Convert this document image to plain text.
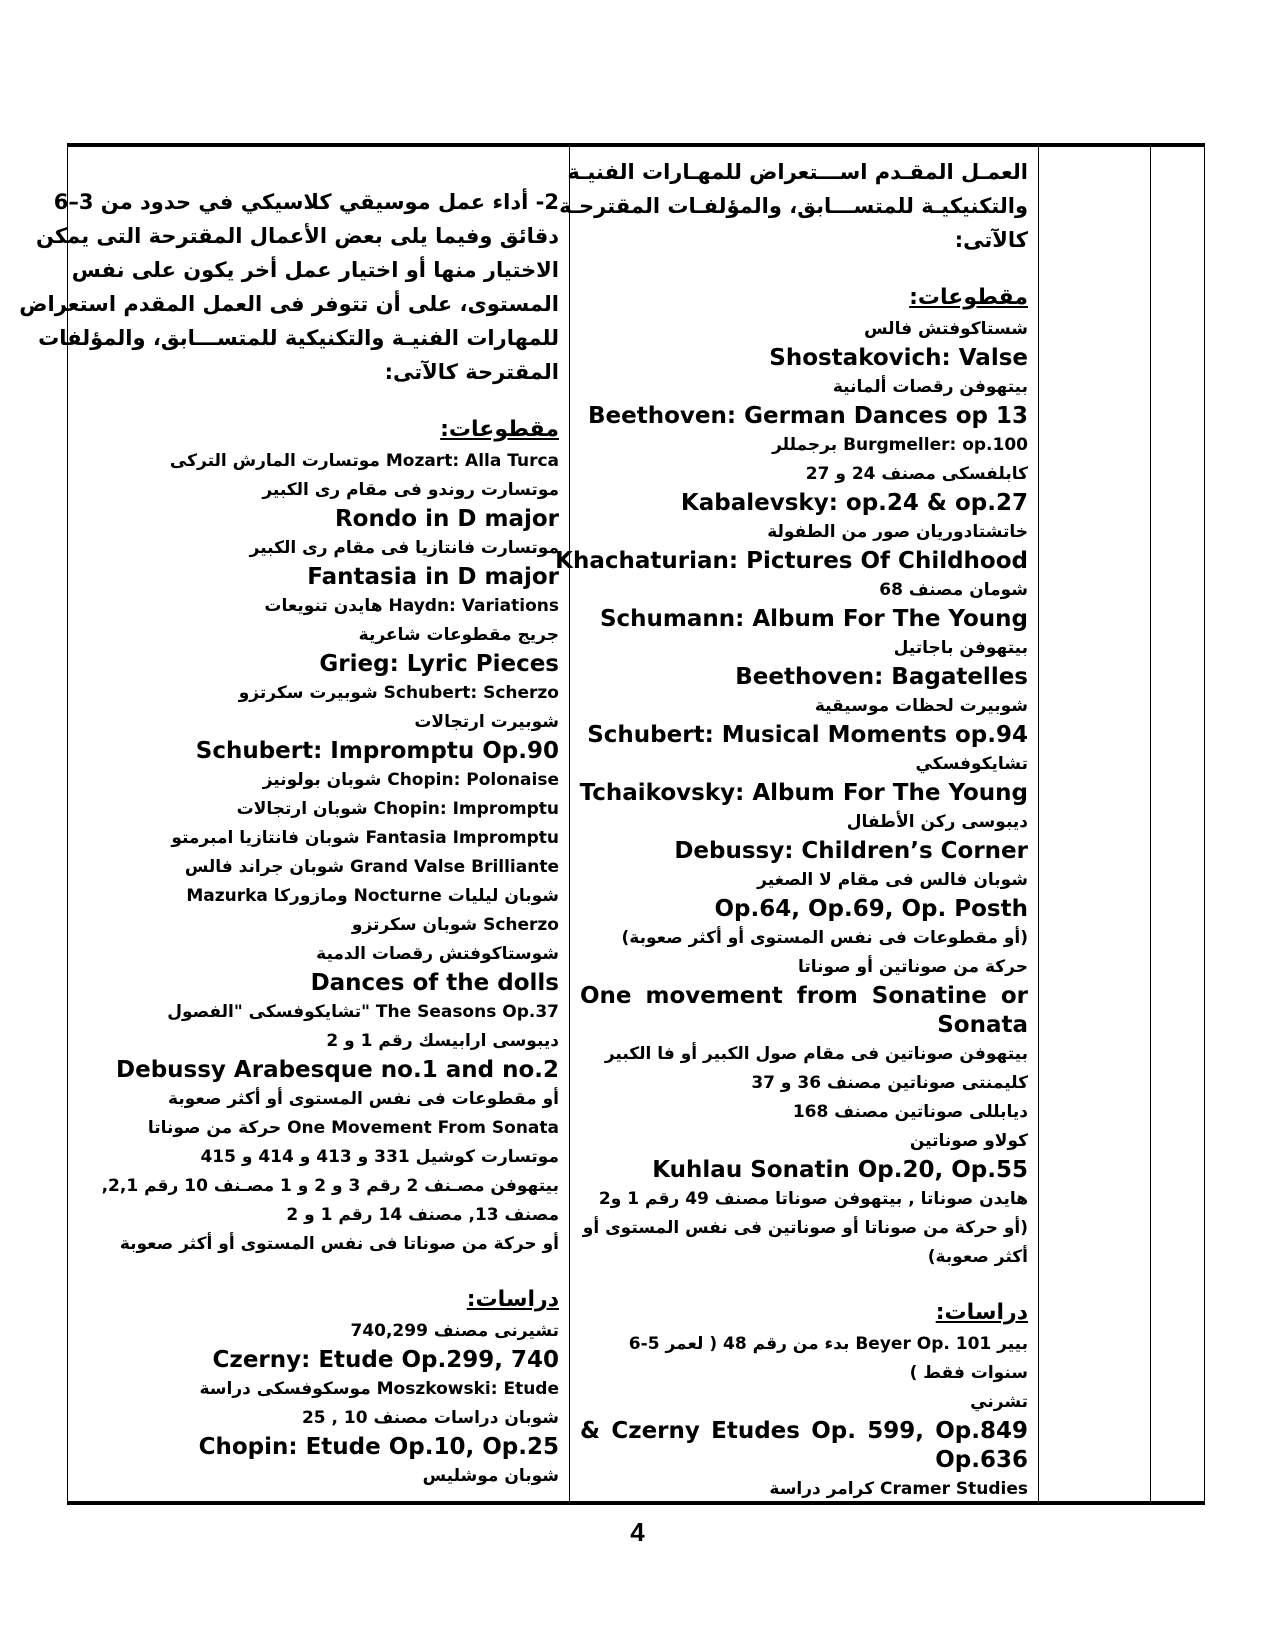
2- أداء عمل موسيقي كلاسيكي في حدود من 3–6
دقائق وفيما يلى بعض الأعمال المقترحة التى يمكن
الاختيار منها أو اختيار عمل أخر يكون على نفس
المستوى، على أن تتوفر فى العمل المقدم استعراض
للمهارات الفنيـة والتكنيكية للمتســـابق، والمؤلفات
المقترحة كالآتى:
مقطوعات:
Mozart: Alla Turca موتسارت المارش التركى
موتسارت روندو فى مقام رى الكبير
Rondo in D major
موتسارت فانتازيا فى مقام رى الكبير
Fantasia in D major
Haydn: Variations هايدن تنويعات
جريج مقطوعات شاعرية
Grieg: Lyric Pieces
Schubert: Scherzo شوبيرت سكرتزو
شوبيرت ارتجالات
Schubert: Impromptu Op.90
Chopin: Polonaise شوبان بولونيز
Chopin: Impromptu شوبان ارتجالات
Fantasia Impromptu شوبان فانتازيا امبرمتو
Grand Valse Brilliante شوبان جراند فالس
شوبان ليليات Nocturne ومازوركا Mazurka
Scherzo شوبان سكرتزو
شوستاكوفتش رقصات الدمية
Dances of the dolls
The Seasons Op.37 "تشايكوفسكى "الفصول
ديبوسى ارابيسك رقم 1 و 2
Debussy Arabesque no.1 and no.2
أو مقطوعات فى نفس المستوى أو أكثر صعوبة
One Movement From Sonata حركة من صوناتا
موتسارت كوشيل 331 و 413 و 414 و 415
بيتهوفن مصـنف 2 رقم 3 و 2 و 1 مصـنف 10 رقم 2,1,
مصنف 13, مصنف 14 رقم 1 و 2
أو حركة من صوناتا فى نفس المستوى أو أكثر صعوبة
دراسات:
تشيرنى مصنف 740,299
Czerny: Etude Op.299, 740
Moszkowski: Etude موسكوفسكى دراسة
شوبان دراسات مصنف 10 , 25
Chopin: Etude Op.10, Op.25
شوبان موشليس
العمـل المقـدم اســـتعراض للمهـارات الفنيـة
والتكنيكيـة للمتســـابق، والمؤلفـات المقترحـة
كالآتى:
مقطوعات:
شستاكوفتش فالس
Shostakovich: Valse
بيتهوفن رقصات ألمانية
Beethoven: German Dances op 13
Burgmeller: op.100 برجمللر
كابلفسكى مصنف 24 و 27
Kabalevsky: op.24 & op.27
خاتشتادوريان صور من الطفولة
Khachaturian: Pictures Of Childhood
شومان مصنف 68
Schumann: Album For The Young
بيتهوفن باجاتيل
Beethoven: Bagatelles
شوبيرت لحظات موسيقية
Schubert: Musical Moments op.94
تشايكوفسكي
Tchaikovsky: Album For The Young
ديبوسى ركن الأطفال
Debussy: Children’s Corner
شوبان فالس فى مقام لا الصغير
Op.64, Op.69, Op. Posth
(أو مقطوعات فى نفس المستوى أو أكثر صعوبة)
حركة من صوناتين أو صوناتا
One movement from Sonatine or
Sonata
بيتهوفن صوناتين فى مقام صول الكبير أو فا الكبير
كليمنتى صوناتين مصنف 36 و 37
ديابللى صوناتين مصنف 168
كولاو صوناتين
Kuhlau Sonatin Op.20, Op.55
هايدن صوناتا , بيتهوفن صوناتا مصنف 49 رقم 1 و2
(أو حركة من صوناتا أو صوناتين فى نفس المستوى أو
أكثر صعوبة)
دراسات:
بيير Beyer Op. 101 بدء من رقم 48 ( لعمر 5-6
سنوات فقط )
تشرني
Czerny Etudes Op. 599, Op.849 &
Op.636
Cramer Studies كرامر دراسة
4
